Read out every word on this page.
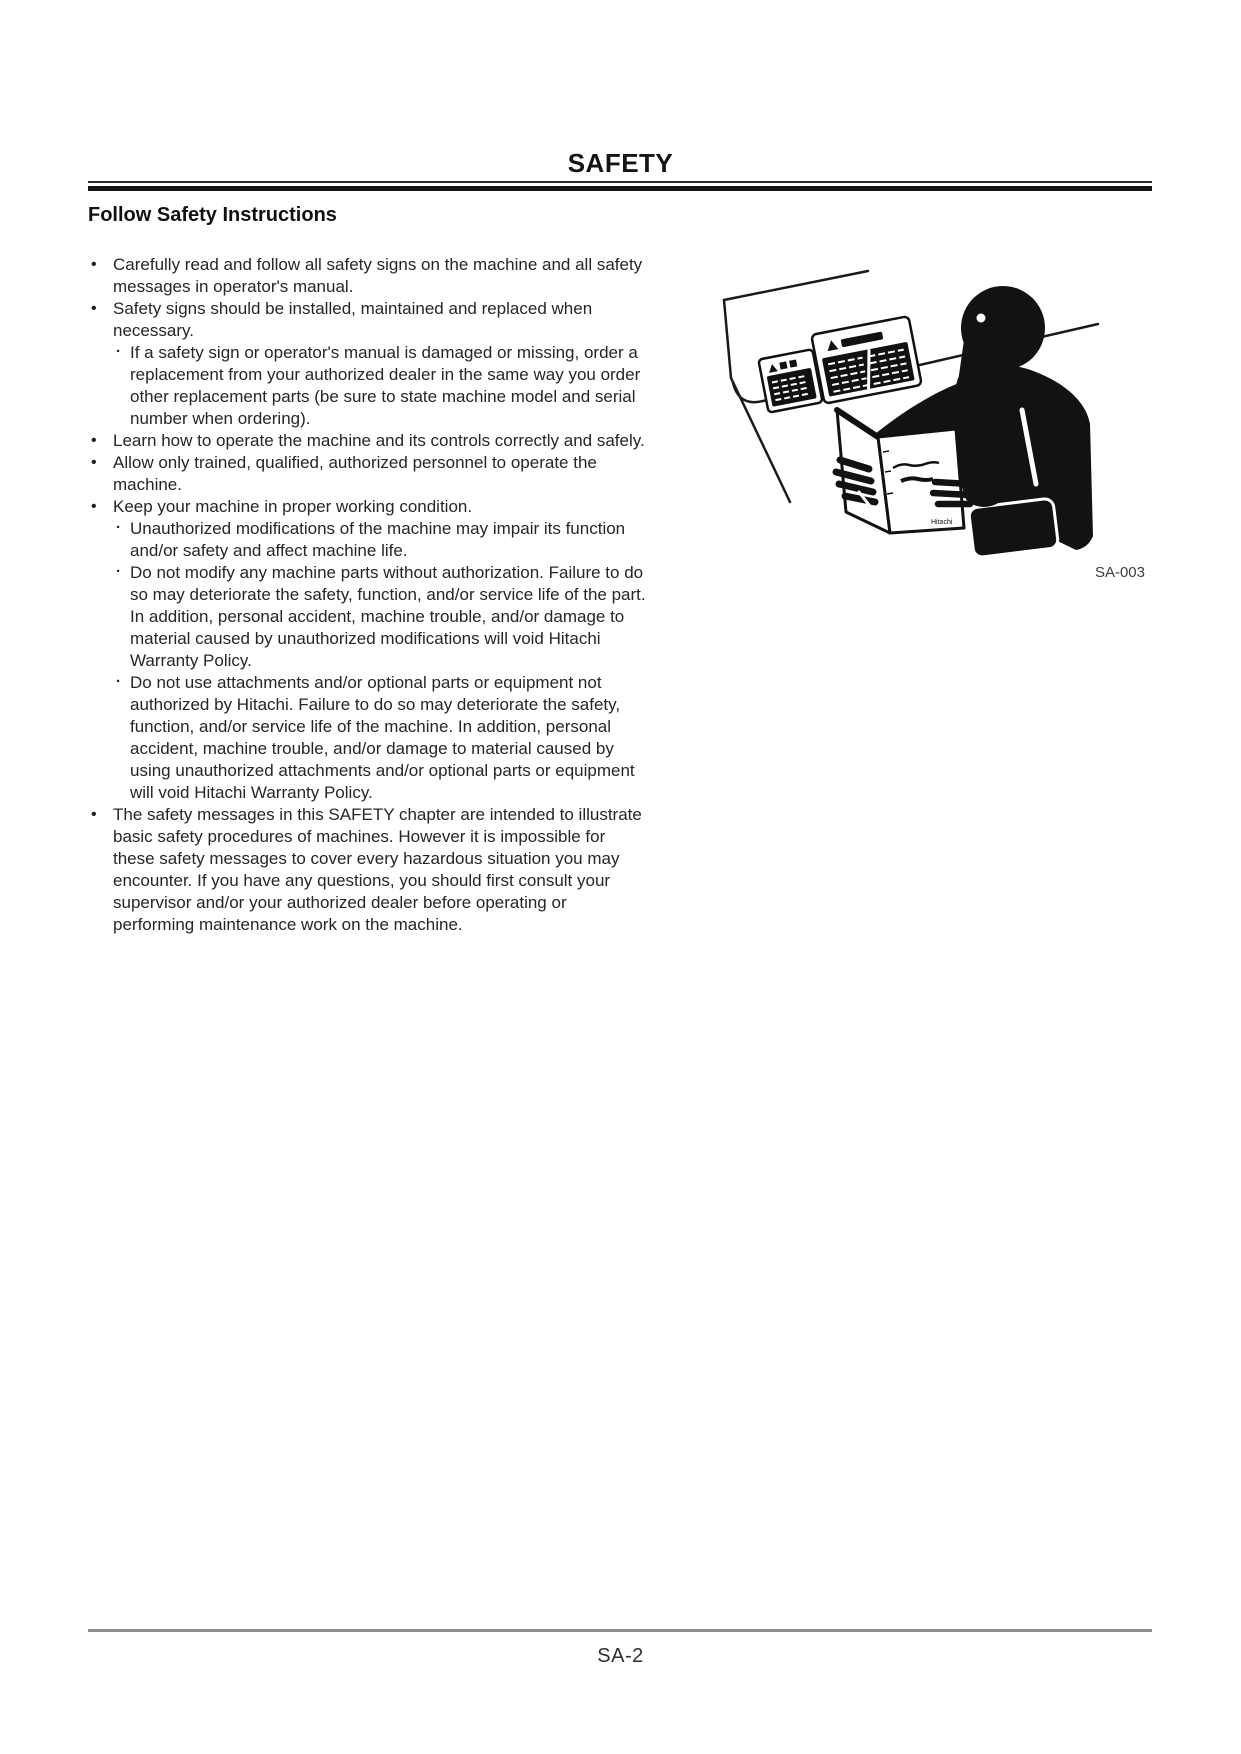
SAFETY
Follow Safety Instructions
• Carefully read and follow all safety signs on the machine and all safety messages in operator's manual.
• Safety signs should be installed, maintained and replaced when necessary.
· If a safety sign or operator's manual is damaged or missing, order a replacement from your authorized dealer in the same way you order other replacement parts (be sure to state machine model and serial number when ordering).
• Learn how to operate the machine and its controls correctly and safely.
• Allow only trained, qualified, authorized personnel to operate the machine.
• Keep your machine in proper working condition.
· Unauthorized modifications of the machine may impair its function and/or safety and affect machine life.
· Do not modify any machine parts without authorization. Failure to do so may deteriorate the safety, function, and/or service life of the part. In addition, personal accident, machine trouble, and/or damage to material caused by unauthorized modifications will void Hitachi Warranty Policy.
· Do not use attachments and/or optional parts or equipment not authorized by Hitachi. Failure to do so may deteriorate the safety, function, and/or service life of the machine. In addition, personal accident, machine trouble, and/or damage to material caused by using unauthorized attachments and/or optional parts or equipment will void Hitachi Warranty Policy.
• The safety messages in this SAFETY chapter are intended to illustrate basic safety procedures of machines. However it is impossible for these safety messages to cover every hazardous situation you may encounter. If you have any questions, you should first consult your supervisor and/or your authorized dealer before operating or performing maintenance work on the machine.
Hitachi
SA-003
SA-2
